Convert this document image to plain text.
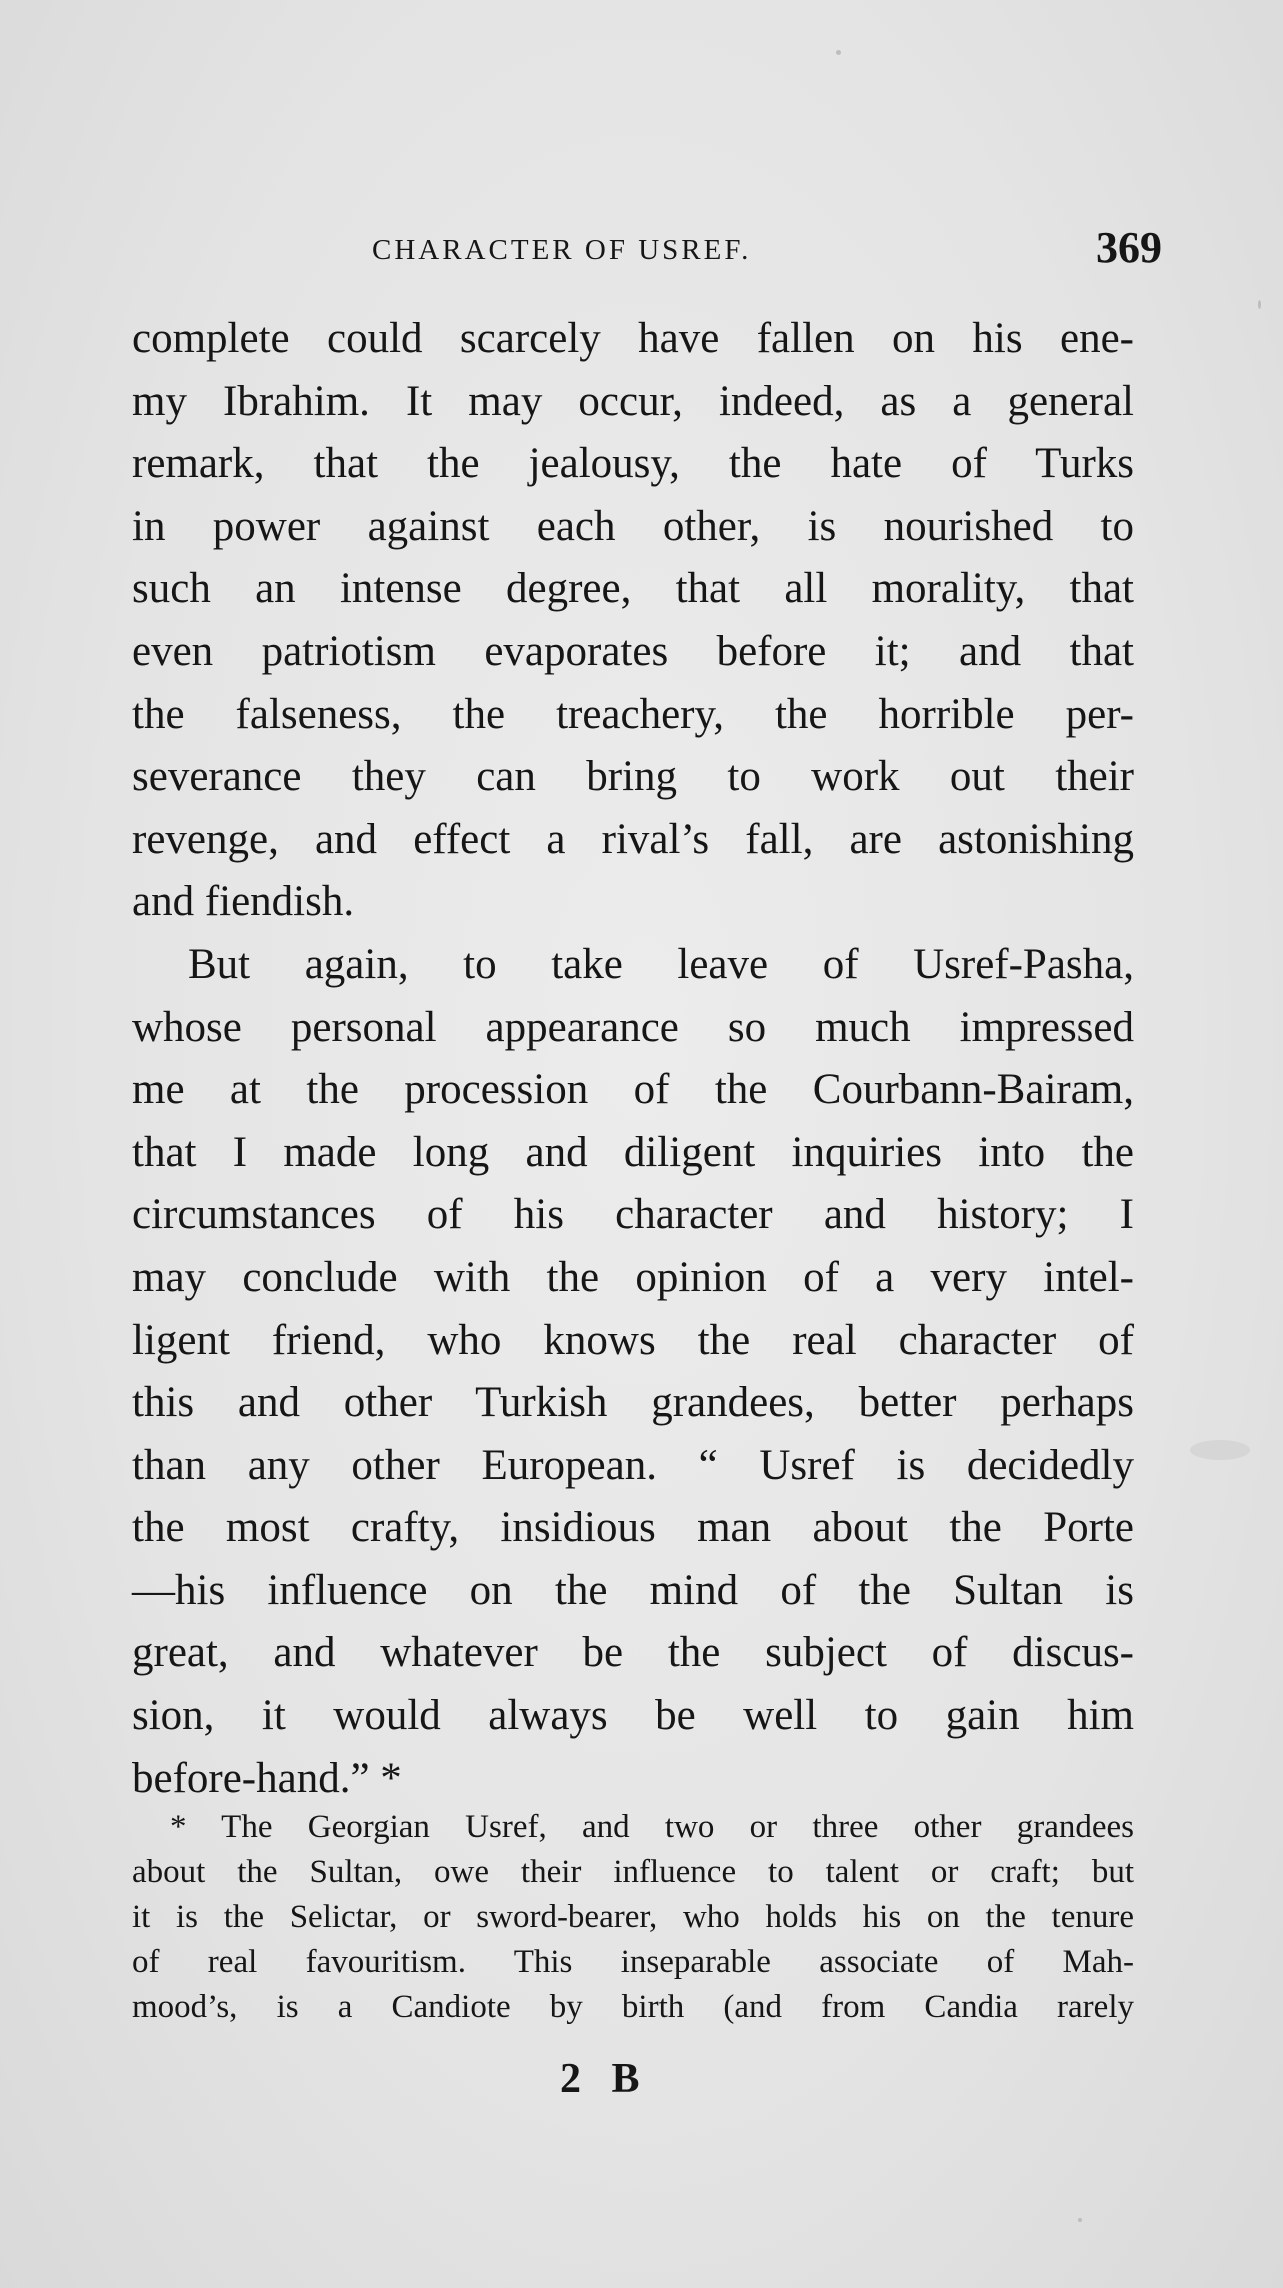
CHARACTER OF USREF.	369
complete could scarcely have fallen on his ene-
my Ibrahim. It may occur, indeed, as a general
remark, that the jealousy, the hate of Turks
in power against each other, is nourished to
such an intense degree, that all morality, that
even patriotism evaporates before it; and that
the falseness, the treachery, the horrible per-
severance they can bring to work out their
revenge, and effect a rival’s fall, are astonishing
and fiendish.
But again, to take leave of Usref-Pasha,
whose personal appearance so much impressed
me at the procession of the Courbann-Bairam,
that I made long and diligent inquiries into the
circumstances of his character and history; I
may conclude with the opinion of a very intel-
ligent friend, who knows the real character of
this and other Turkish grandees, better perhaps
than any other European. “ Usref is decidedly
the most crafty, insidious man about the Porte
—his influence on the mind of the Sultan is
great, and whatever be the subject of discus-
sion, it would always be well to gain him
before-hand.” *
* The Georgian Usref, and two or three other grandees
about the Sultan, owe their influence to talent or craft; but
it is the Selictar, or sword-bearer, who holds his on the tenure
of real favouritism. This inseparable associate of Mah-
mood’s, is a Candiote by birth (and from Candia rarely
2 B
